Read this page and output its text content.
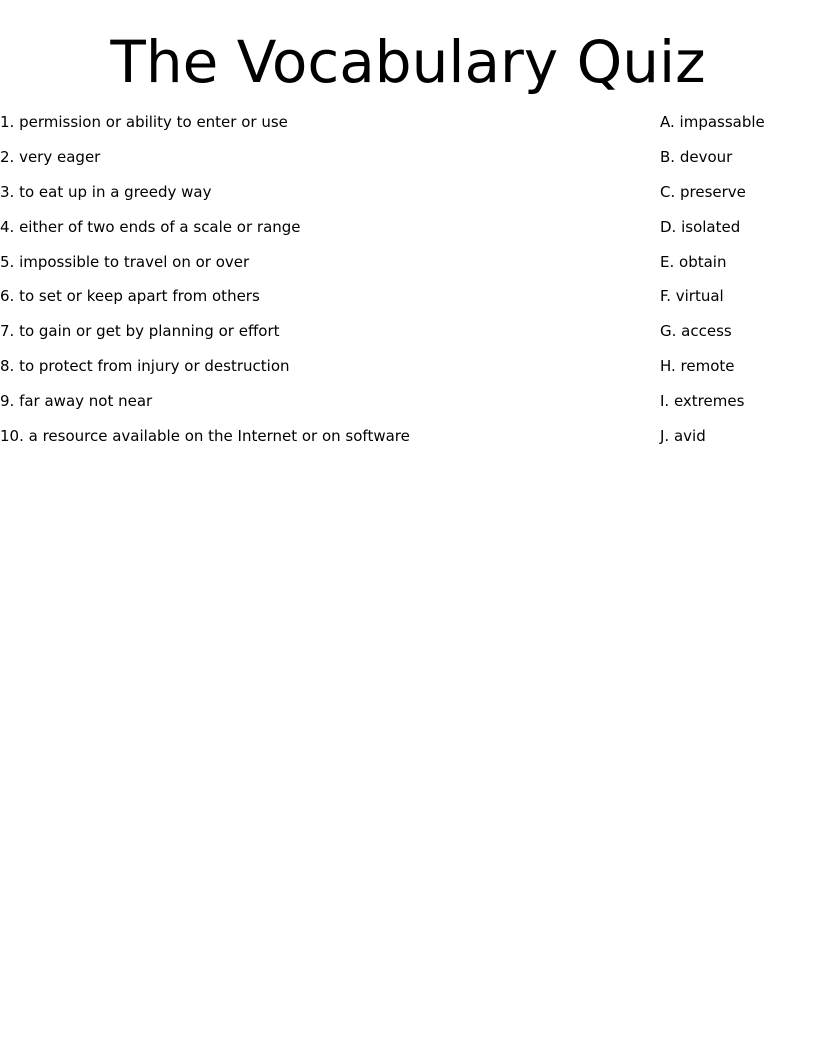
The Vocabulary Quiz
1. permission or ability to enter or use	A. impassable
2. very eager	B. devour
3. to eat up in a greedy way	C. preserve
4. either of two ends of a scale or range	D. isolated
5. impossible to travel on or over	E. obtain
6. to set or keep apart from others	F. virtual
7. to gain or get by planning or effort	G. access
8. to protect from injury or destruction	H. remote
9. far away not near	I. extremes
10. a resource available on the Internet or on software	J. avid
